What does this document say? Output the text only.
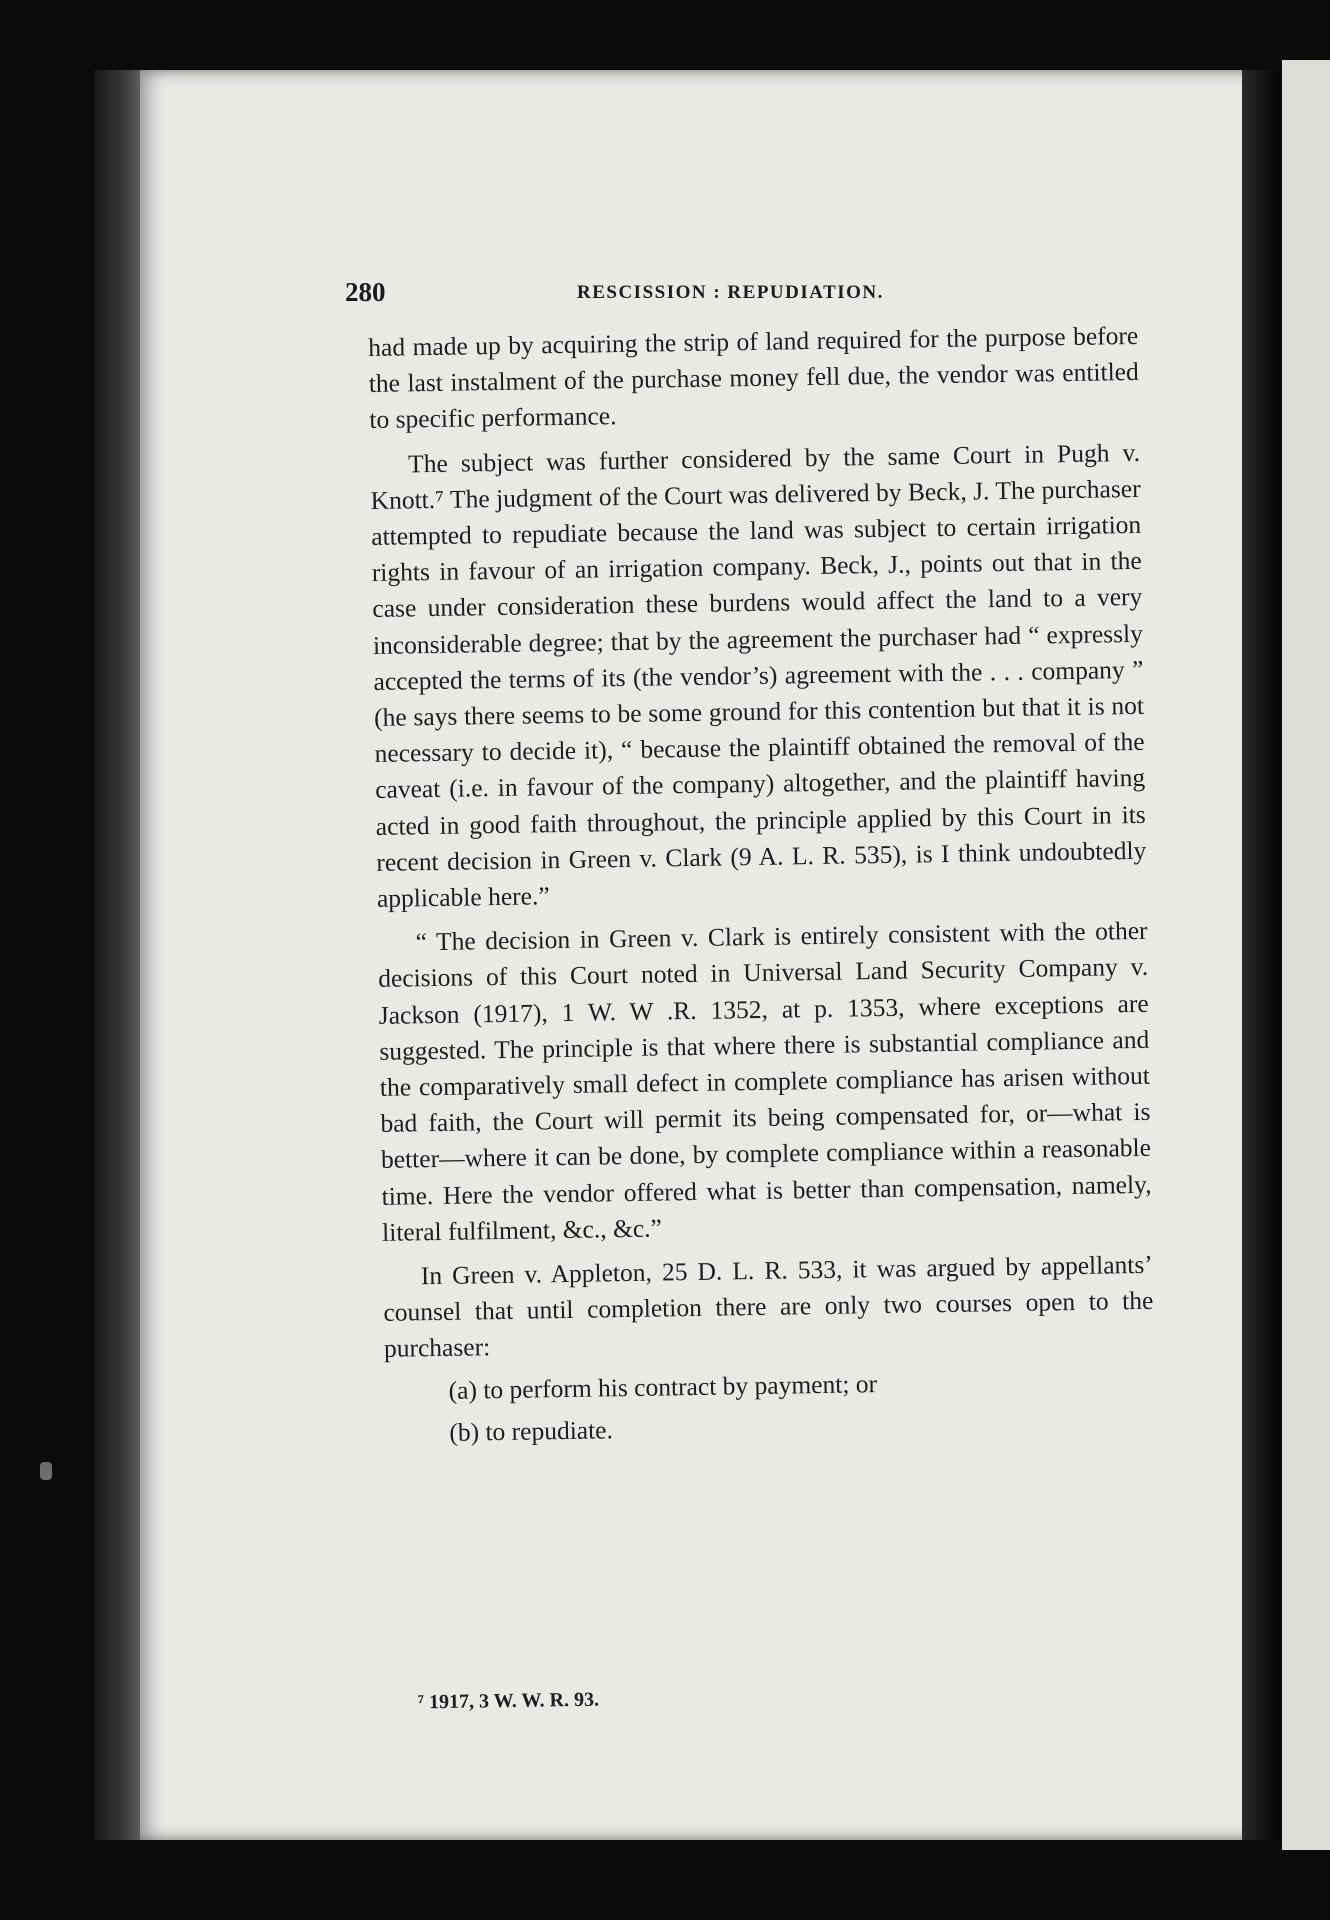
280	RESCISSION : REPUDIATION.

had made up by acquiring the strip of land required for the purpose before the last instalment of the purchase money fell due, the vendor was entitled to specific performance.

The subject was further considered by the same Court in Pugh v. Knott.⁷ The judgment of the Court was delivered by Beck, J. The purchaser attempted to repudiate because the land was subject to certain irrigation rights in favour of an irrigation company. Beck, J., points out that in the case under consideration these burdens would affect the land to a very inconsiderable degree; that by the agreement the purchaser had “ expressly accepted the terms of its (the vendor’s) agreement with the . . . company ” (he says there seems to be some ground for this contention but that it is not necessary to decide it), “ because the plaintiff obtained the removal of the caveat (i.e. in favour of the company) altogether, and the plaintiff having acted in good faith throughout, the principle applied by this Court in its recent decision in Green v. Clark (9 A. L. R. 535), is I think undoubtedly applicable here.”

“ The decision in Green v. Clark is entirely consistent with the other decisions of this Court noted in Universal Land Security Company v. Jackson (1917), 1 W. W .R. 1352, at p. 1353, where exceptions are suggested. The principle is that where there is substantial compliance and the comparatively small defect in complete compliance has arisen without bad faith, the Court will permit its being compensated for, or—what is better—where it can be done, by complete compliance within a reasonable time. Here the vendor offered what is better than compensation, namely, literal fulfilment, &c., &c.”

In Green v. Appleton, 25 D. L. R. 533, it was argued by appellants’ counsel that until completion there are only two courses open to the purchaser:

(a) to perform his contract by payment; or

(b) to repudiate.

⁷ 1917, 3 W. W. R. 93.
